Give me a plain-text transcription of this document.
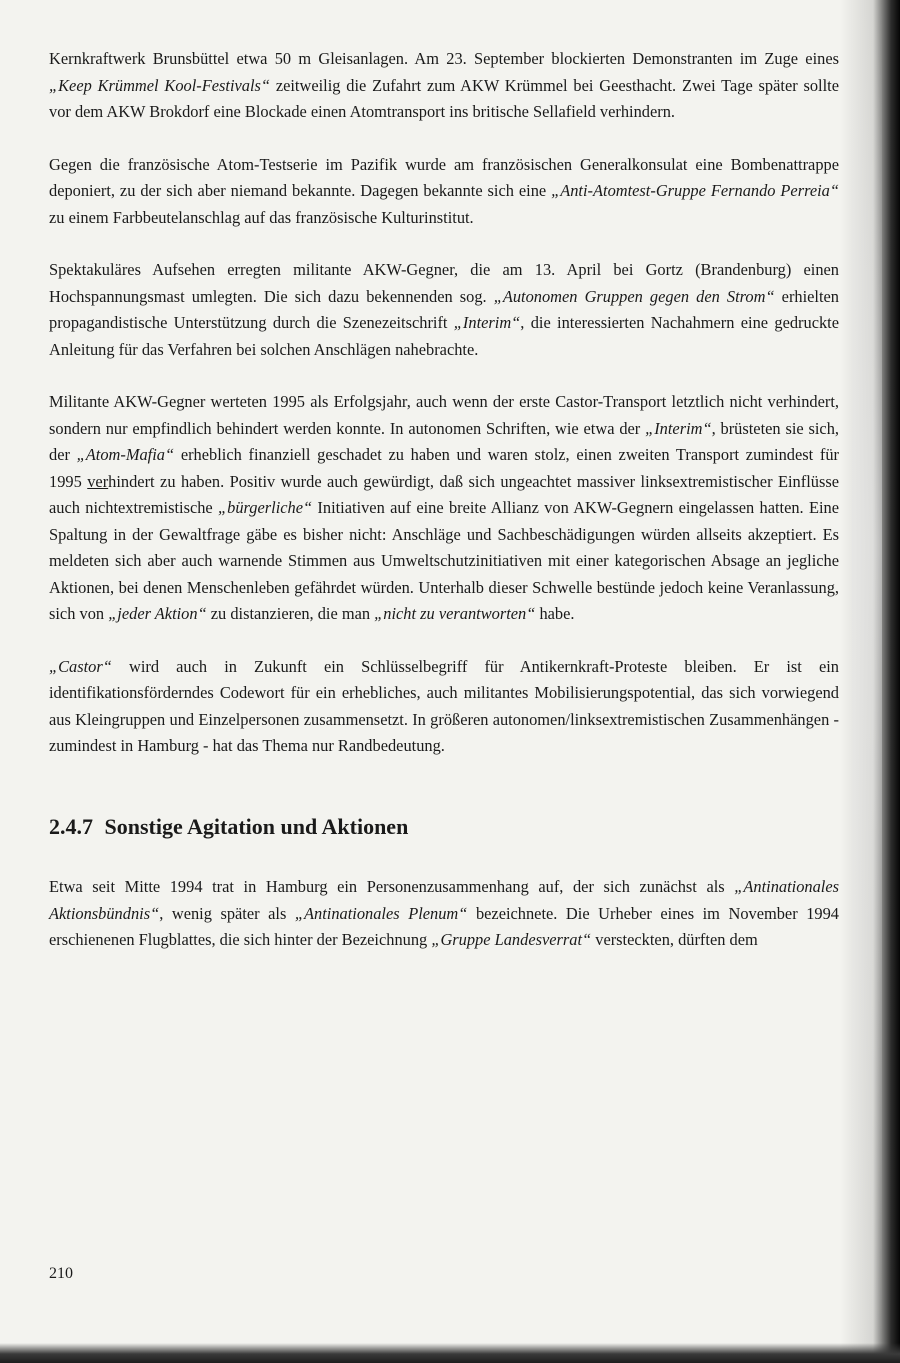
Kernkraftwerk Brunsbüttel etwa 50 m Gleisanlagen. Am 23. September blockierten Demonstranten im Zuge eines „Keep Krümmel Kool-Festivals“ zeitweilig die Zufahrt zum AKW Krümmel bei Geesthacht. Zwei Tage später sollte vor dem AKW Brokdorf eine Blockade einen Atomtransport ins britische Sellafield verhindern.

Gegen die französische Atom-Testserie im Pazifik wurde am französischen Generalkonsulat eine Bombenattrappe deponiert, zu der sich aber niemand bekannte. Dagegen bekannte sich eine „Anti-Atomtest-Gruppe Fernando Perreia“ zu einem Farbbeutelanschlag auf das französische Kulturinstitut.

Spektakuläres Aufsehen erregten militante AKW-Gegner, die am 13. April bei Gortz (Brandenburg) einen Hochspannungsmast umlegten. Die sich dazu bekennenden sog. „Autonomen Gruppen gegen den Strom“ erhielten propagandistische Unterstützung durch die Szenezeitschrift „Interim“, die interessierten Nachahmern eine gedruckte Anleitung für das Verfahren bei solchen Anschlägen nahebrachte.

Militante AKW-Gegner werteten 1995 als Erfolgsjahr, auch wenn der erste Castor-Transport letztlich nicht verhindert, sondern nur empfindlich behindert werden konnte. In autonomen Schriften, wie etwa der „Interim“, brüsteten sie sich, der „Atom-Mafia“ erheblich finanziell geschadet zu haben und waren stolz, einen zweiten Transport zumindest für 1995 verhindert zu haben. Positiv wurde auch gewürdigt, daß sich ungeachtet massiver linksextremistischer Einflüsse auch nichtextremistische „bürgerliche“ Initiativen auf eine breite Allianz von AKW-Gegnern eingelassen hatten. Eine Spaltung in der Gewaltfrage gäbe es bisher nicht: Anschläge und Sachbeschädigungen würden allseits akzeptiert. Es meldeten sich aber auch warnende Stimmen aus Umweltschutzinitiativen mit einer kategorischen Absage an jegliche Aktionen, bei denen Menschenleben gefährdet würden. Unterhalb dieser Schwelle bestünde jedoch keine Veranlassung, sich von „jeder Aktion“ zu distanzieren, die man „nicht zu verantworten“ habe.

„Castor“ wird auch in Zukunft ein Schlüsselbegriff für Antikernkraft-Proteste bleiben. Er ist ein identifikationsförderndes Codewort für ein erhebliches, auch militantes Mobilisierungspotential, das sich vorwiegend aus Kleingruppen und Einzelpersonen zusammensetzt. In größeren autonomen/linksextremistischen Zusammenhängen - zumindest in Hamburg - hat das Thema nur Randbedeutung.

2.4.7 Sonstige Agitation und Aktionen

Etwa seit Mitte 1994 trat in Hamburg ein Personenzusammenhang auf, der sich zunächst als „Antinationales Aktionsbündnis“, wenig später als „Antinationales Plenum“ bezeichnete. Die Urheber eines im November 1994 erschienenen Flugblattes, die sich hinter der Bezeichnung „Gruppe Landesverrat“ versteckten, dürften dem

210
